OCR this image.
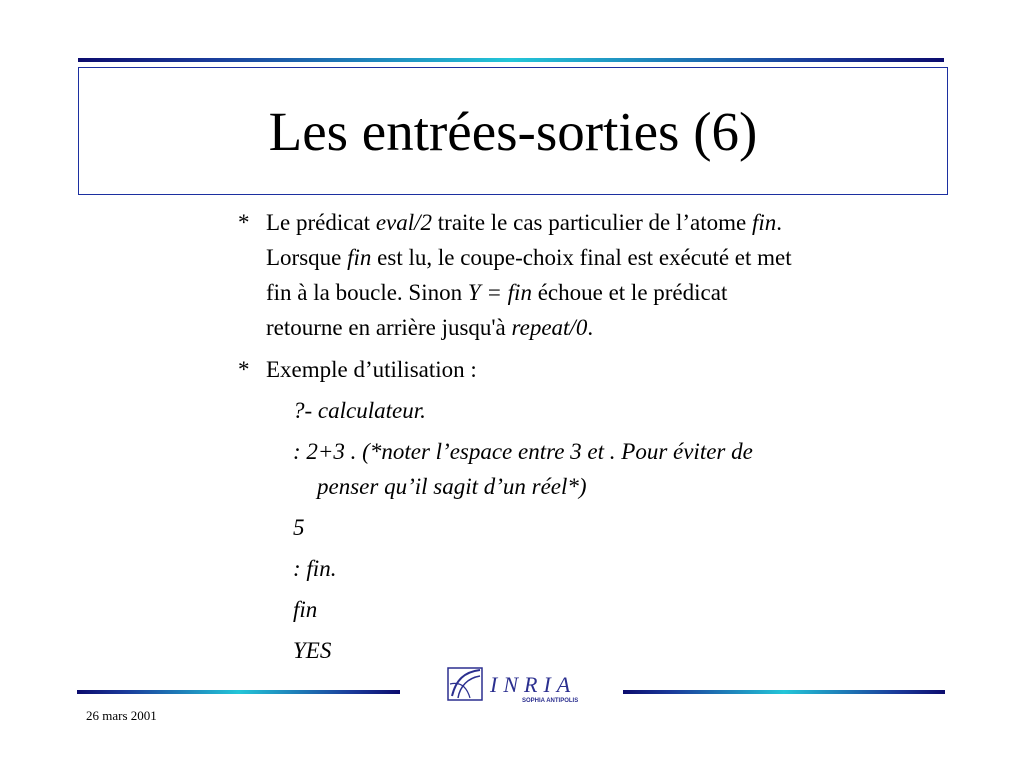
Les entrées-sorties (6)
* Le prédicat eval/2 traite le cas particulier de l’atome fin.
Lorsque fin est lu, le coupe-choix final est exécuté et met
fin à la boucle. Sinon Y = fin échoue et le prédicat
retourne en arrière jusqu'à repeat/0.
* Exemple d’utilisation :
?- calculateur.
: 2+3 . (*noter l’espace entre 3 et . Pour éviter de
penser qu’il sagit d’un réel*)
5
: fin.
fin
YES
INRIA
SOPHIA ANTIPOLIS
26 mars 2001
